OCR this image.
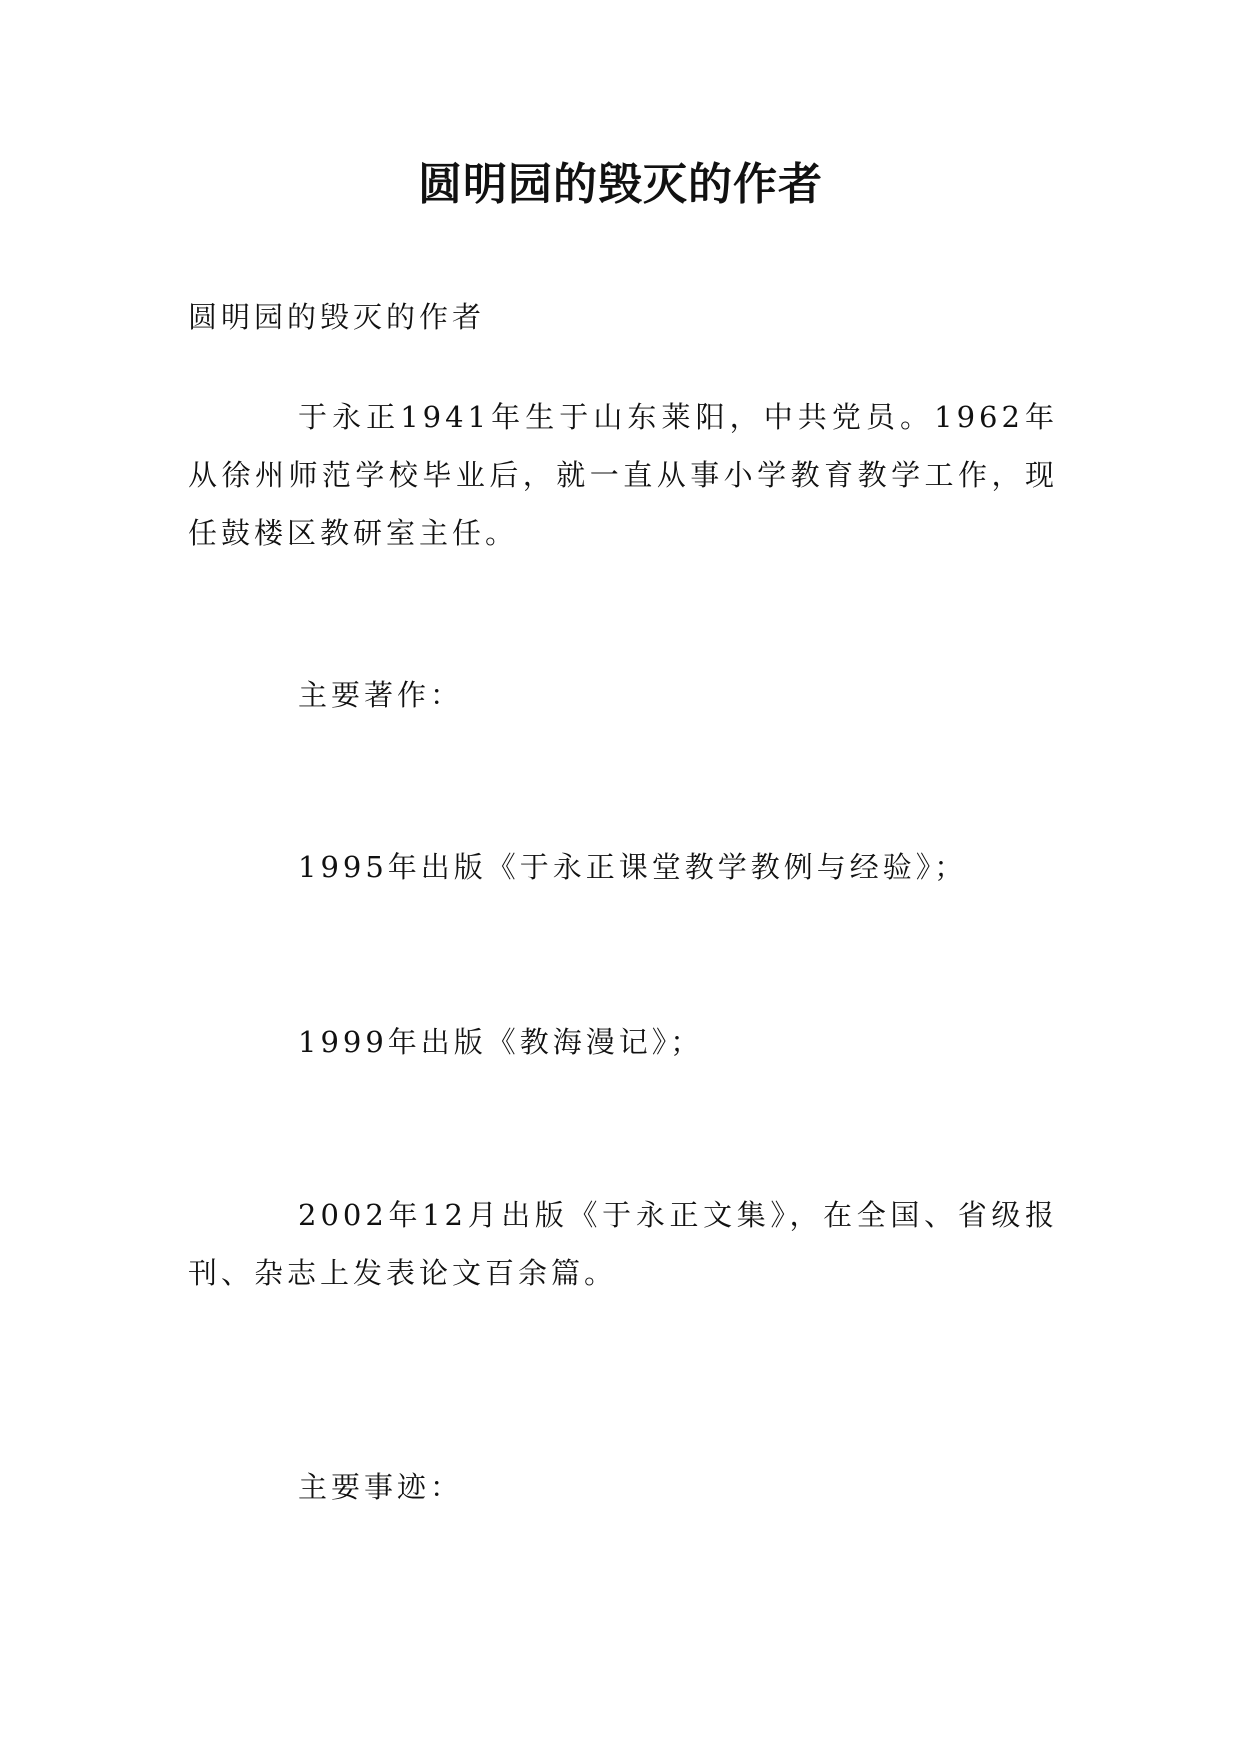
圆明园的毁灭的作者
圆明园的毁灭的作者
于永正1941年生于山东莱阳，中共党员。1962年从徐州师范学校毕业后，就一直从事小学教育教学工作，现任鼓楼区教研室主任。
主要著作：
1995年出版《于永正课堂教学教例与经验》；
1999年出版《教海漫记》；
2002年12月出版《于永正文集》，在全国、省级报刊、杂志上发表论文百余篇。
主要事迹：
